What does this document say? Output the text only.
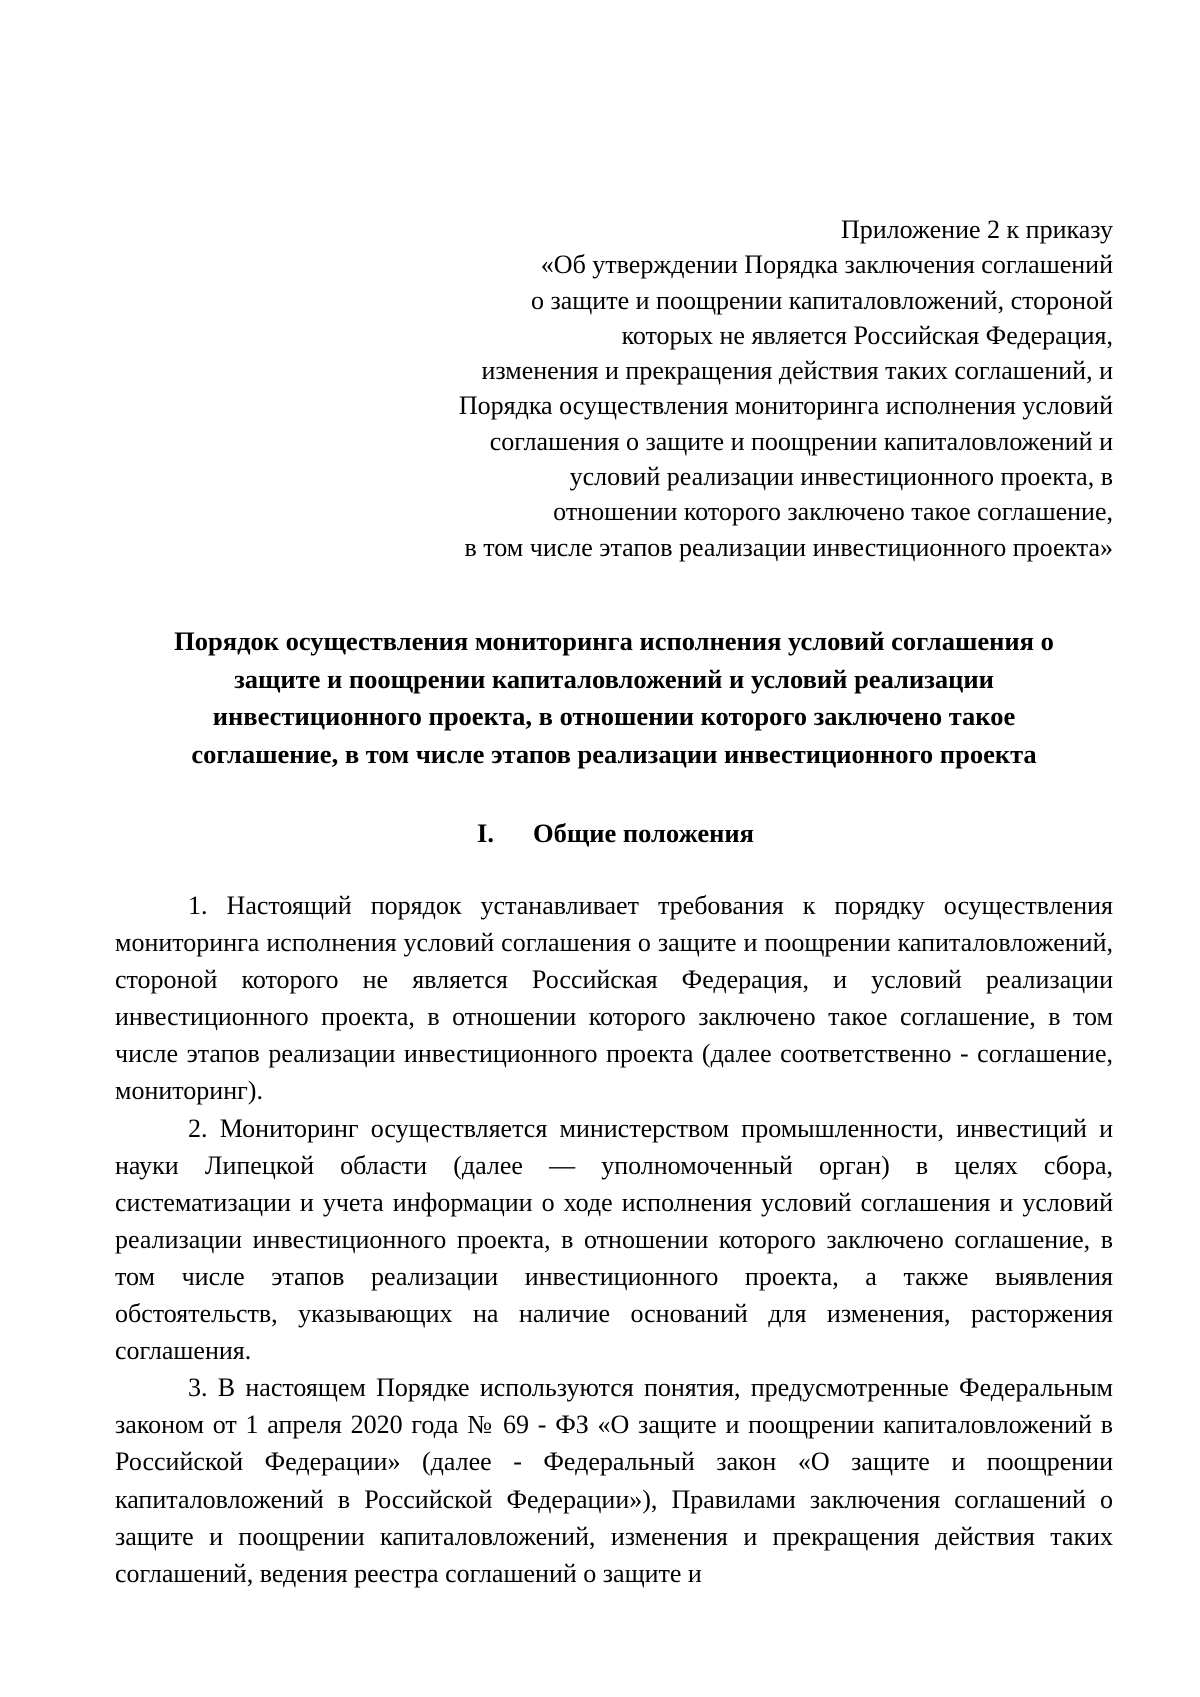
Приложение 2 к приказу
«Об утверждении Порядка заключения соглашений
о защите и поощрении капиталовложений, стороной
которых не является Российская Федерация,
изменения и прекращения действия таких соглашений, и
Порядка осуществления мониторинга исполнения условий
соглашения о защите и поощрении капиталовложений и
условий реализации инвестиционного проекта, в
отношении которого заключено такое соглашение,
в том числе этапов реализации инвестиционного проекта»
Порядок осуществления мониторинга исполнения условий соглашения о
защите и поощрении капиталовложений и условий реализации
инвестиционного проекта, в отношении которого заключено такое
соглашение, в том числе этапов реализации инвестиционного проекта
I. Общие положения

1. Настоящий порядок устанавливает требования к порядку осуществления мониторинга исполнения условий соглашения о защите и поощрении капиталовложений, стороной которого не является Российская Федерация, и условий реализации инвестиционного проекта, в отношении которого заключено такое соглашение, в том числе этапов реализации инвестиционного проекта (далее соответственно - соглашение, мониторинг).

2. Мониторинг осуществляется министерством промышленности, инвестиций и науки Липецкой области (далее — уполномоченный орган) в целях сбора, систематизации и учета информации о ходе исполнения условий соглашения и условий реализации инвестиционного проекта, в отношении которого заключено соглашение, в том числе этапов реализации инвестиционного проекта, а также выявления обстоятельств, указывающих на наличие оснований для изменения, расторжения соглашения.

3. В настоящем Порядке используются понятия, предусмотренные Федеральным законом от 1 апреля 2020 года № 69 - ФЗ «О защите и поощрении капиталовложений в Российской Федерации» (далее - Федеральный закон «О защите и поощрении капиталовложений в Российской Федерации»), Правилами заключения соглашений о защите и поощрении капиталовложений, изменения и прекращения действия таких соглашений, ведения реестра соглашений о защите и
